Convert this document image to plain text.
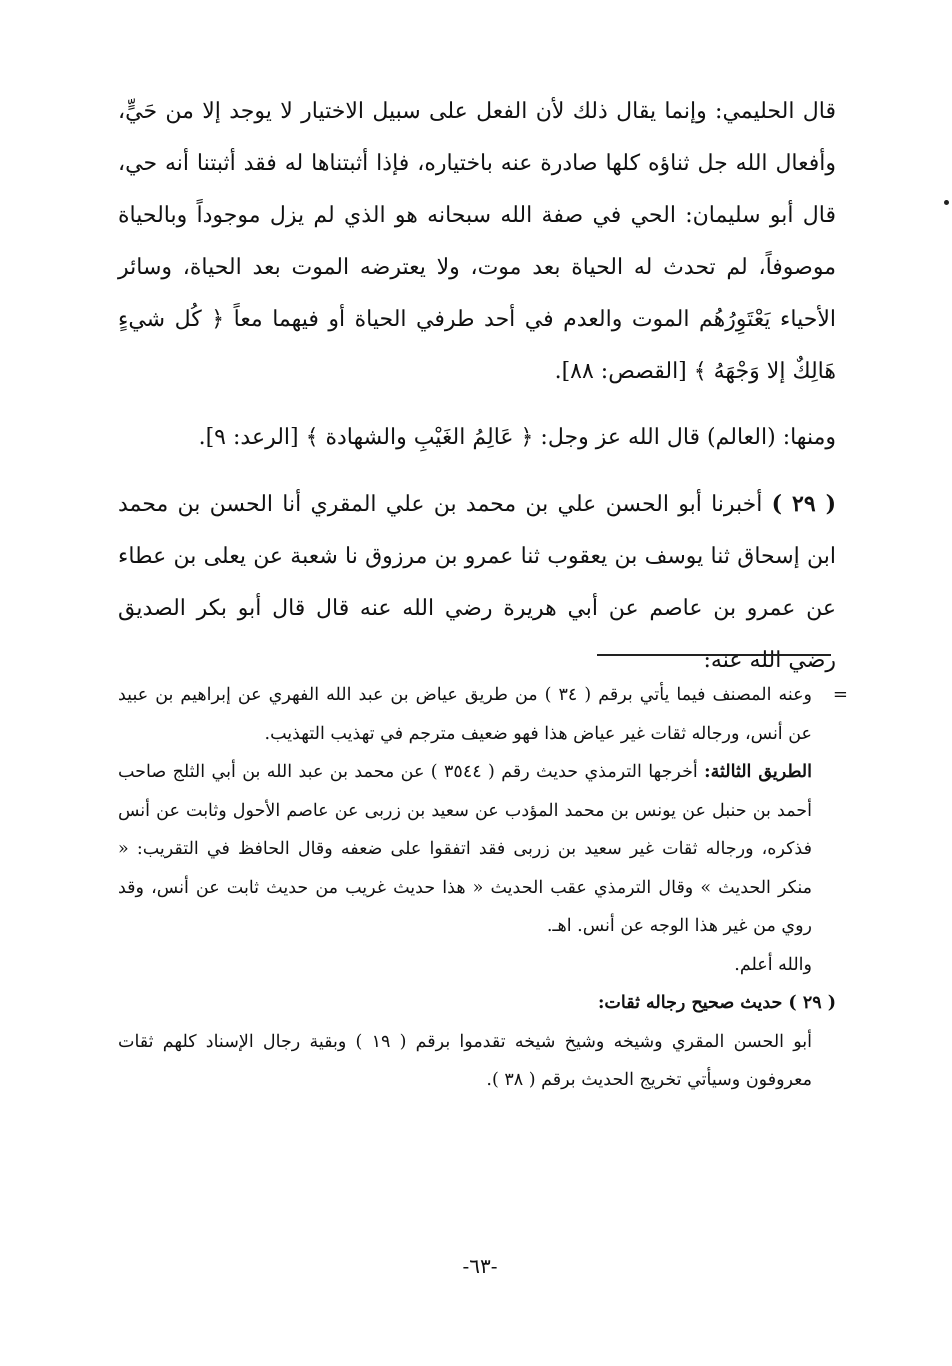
قال الحليمي: وإنما يقال ذلك لأن الفعل على سبيل الاختيار لا يوجد إلا من حَيٍّ، وأفعال الله جل ثناؤه كلها صادرة عنه باختياره، فإذا أثبتناها له فقد أثبتنا أنه حي، قال أبو سليمان: الحي في صفة الله سبحانه هو الذي لم يزل موجوداً وبالحياة موصوفاً، لم تحدث له الحياة بعد موت، ولا يعترضه الموت بعد الحياة، وسائر الأحياء يَعْتَوِرُهُم الموت والعدم في أحد طرفي الحياة أو فيهما معاً ﴿ كُل شيءٍ هَالِكٌ إلا وَجْهَهُ ﴾ [القصص: ٨٨].

ومنها: (العالم) قال الله عز وجل: ﴿ عَالِمُ الغَيْبِ والشهادة ﴾ [الرعد: ٩].

( ٢٩ ) أخبرنا أبو الحسن علي بن محمد بن علي المقري أنا الحسن بن محمد ابن إسحاق ثنا يوسف بن يعقوب ثنا عمرو بن مرزوق نا شعبة عن يعلى بن عطاء عن عمرو بن عاصم عن أبي هريرة رضي الله عنه قال قال أبو بكر الصديق رضي الله عنه:

=

وعنه المصنف فيما يأتي برقم ( ٣٤ ) من طريق عياض بن عبد الله الفهري عن إبراهيم بن عبيد عن أنس، ورجاله ثقات غير عياض هذا فهو ضعيف مترجم في تهذيب التهذيب.

الطريق الثالثة: أخرجها الترمذي حديث رقم ( ٣٥٤٤ ) عن محمد بن عبد الله بن أبي الثلج صاحب أحمد بن حنبل عن يونس بن محمد المؤدب عن سعيد بن زربى عن عاصم الأحول وثابت عن أنس فذكره، ورجاله ثقات غير سعيد بن زربى فقد اتفقوا على ضعفه وقال الحافظ في التقريب: « منكر الحديث » وقال الترمذي عقب الحديث « هذا حديث غريب من حديث ثابت عن أنس، وقد روي من غير هذا الوجه عن أنس. اهـ.

والله أعلم.

( ٢٩ ) حديث صحيح رجاله ثقات:

أبو الحسن المقري وشيخه وشيخ شيخه تقدموا برقم ( ١٩ ) وبقية رجال الإسناد كلهم ثقات معروفون وسيأتي تخريج الحديث برقم ( ٣٨ ).

-٦٣-
